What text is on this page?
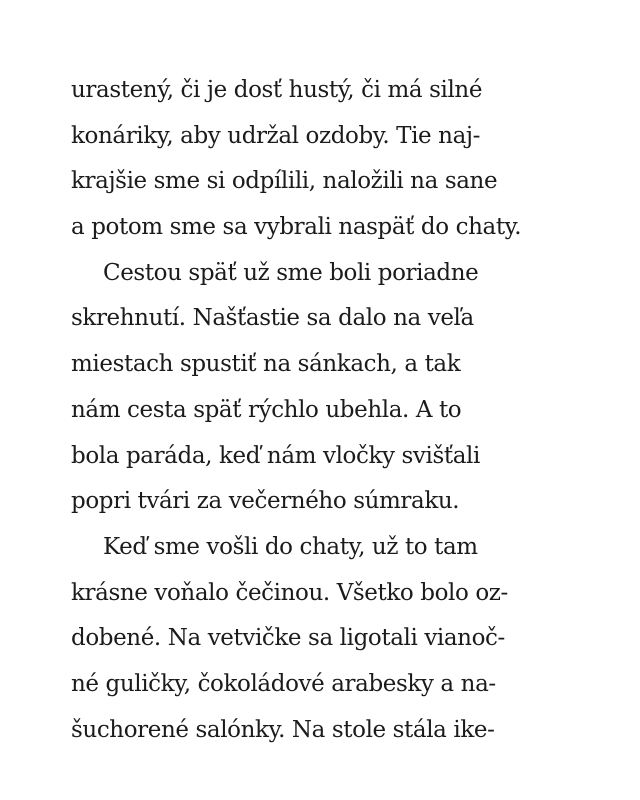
urastený, či je dosť hustý, či má silné
konáriky, aby udržal ozdoby. Tie naj-
krajšie sme si odpílili, naložili na sane
a potom sme sa vybrali naspäť do chaty.
Cestou späť už sme boli poriadne
skrehnutí. Našťastie sa dalo na veľa
miestach spustiť na sánkach, a tak
nám cesta späť rýchlo ubehla. A to
bola paráda, keď nám vločky svišťali
popri tvári za večerného súmraku.
Keď sme vošli do chaty, už to tam
krásne voňalo čečinou. Všetko bolo oz-
dobené. Na vetvičke sa ligotali vianoč-
né guličky, čokoládové arabesky a na-
šuchorené salónky. Na stole stála ike-
